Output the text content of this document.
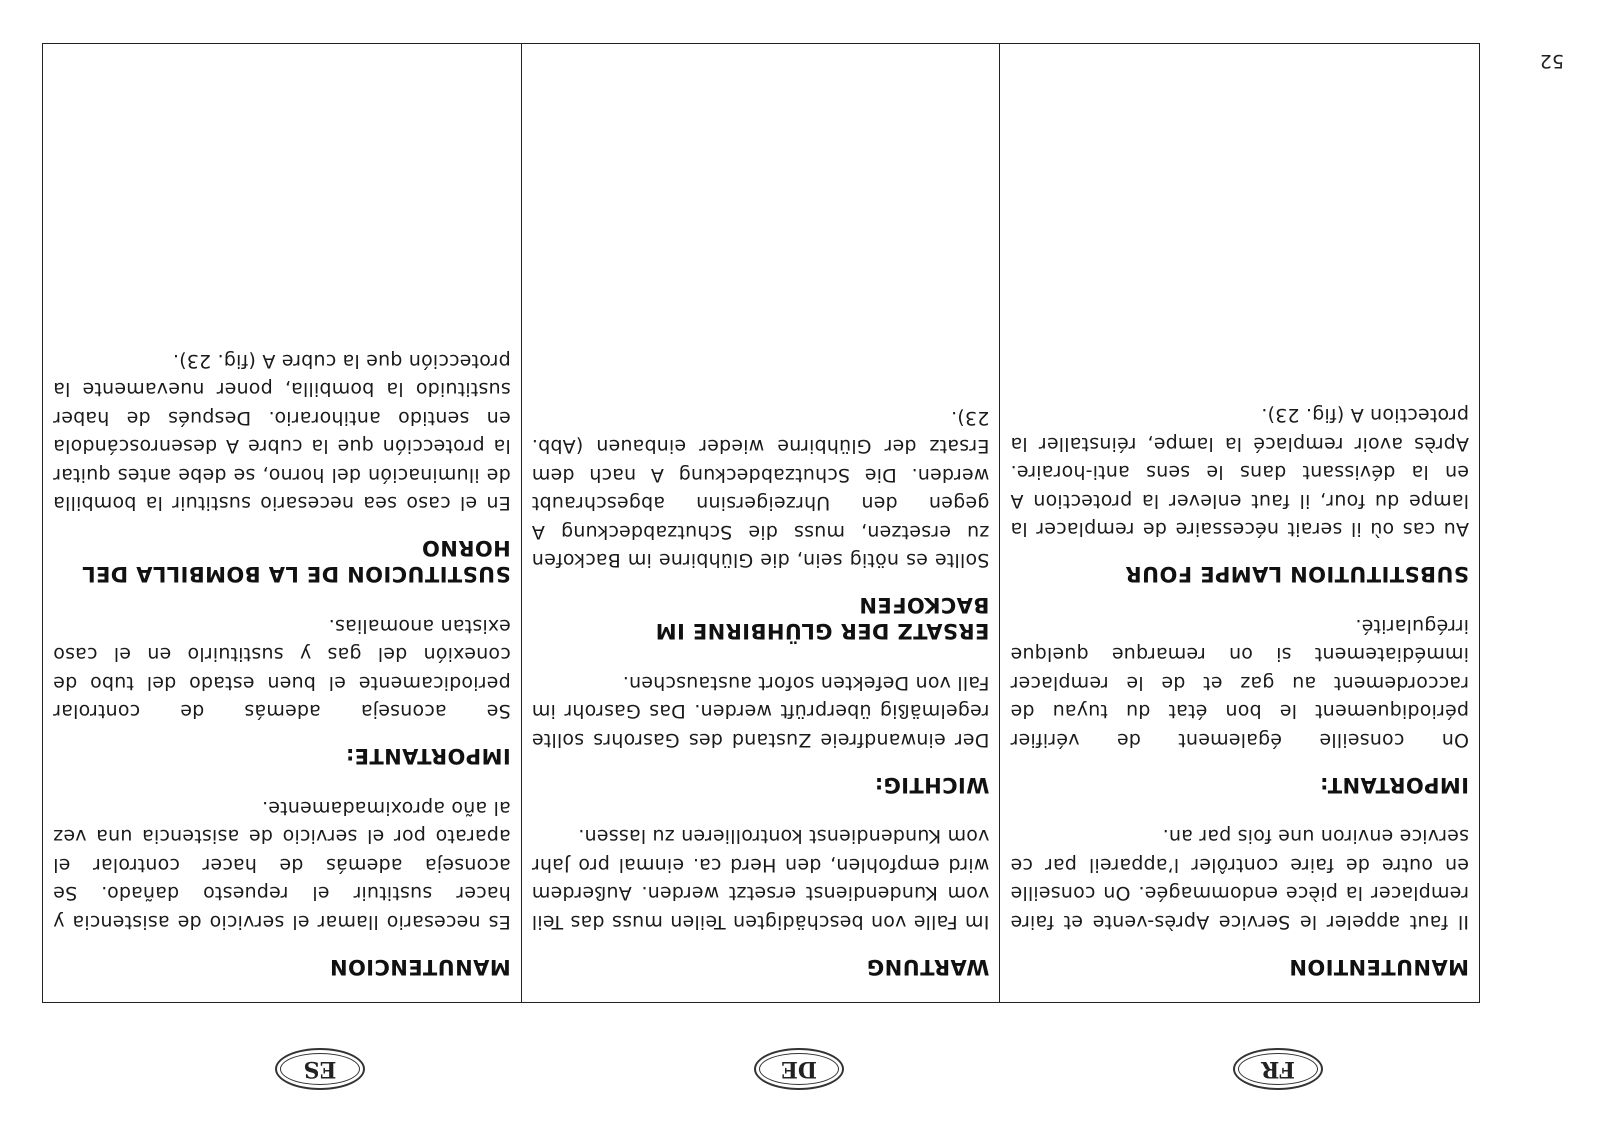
FR
DE
ES
MANUTENTION

Il faut appeler le Service Après-vente et faire remplacer la pièce endommagée. On conseille en outre de faire contrôler l’appareil par ce service environ une fois par an.

IMPORTANT:

On conseille également de vérifier périodiquement le bon état du tuyau de raccordement au gaz et de le remplacer immédiatement si on remarque quelque irrégularité.

SUBSTITUTION LAMPE FOUR

Au cas où il serait nécessaire de remplacer la lampe du four, il faut enlever la protection A en la dévissant dans le sens anti-horaire. Après avoir remplacé la lampe, réinstaller la protection A (fig. 23).

WARTUNG

Im Falle von beschädigten Teilen muss das Teil vom Kundendienst ersetzt werden. Außerdem wird empfohlen, den Herd ca. einmal pro Jahr vom Kundendienst kontrollieren zu lassen.

WICHTIG:

Der einwandfreie Zustand des Gasrohrs sollte regelmäßig überprüft werden. Das Gasrohr im Fall von Defekten sofort austauschen.

ERSATZ DER GLÜHBIRNE IM BACKOFEN

Sollte es nötig sein, die Glühbirne im Backofen zu ersetzen, muss die Schutzabdeckung A gegen den Uhrzeigersinn abgeschraubt werden. Die Schutzabdeckung A nach dem Ersatz der Glühbirne wieder einbauen (Abb. 23).

MANUTENCION

Es necesario llamar el servicio de asistencia y hacer sustituir el repuesto dañado. Se aconseja además de hacer controlar el aparato por el servicio de asistencia una vez al año aproximadamente.

IMPORTANTE:

Se aconseja además de controlar periodicamente el buen estado del tubo de conexión del gas y sustituirlo en el caso existan anomalias.

SUSTITUCION DE LA BOMBILLA DEL HORNO

En el caso sea necesario sustituir la bombilla de iluminación del horno, se debe antes quitar la protección que la cubre A desenroscándola en sentido antihorario. Después de haber sustituido la bombilla, poner nuevamente la protección que la cubre A (fig. 23).

52
